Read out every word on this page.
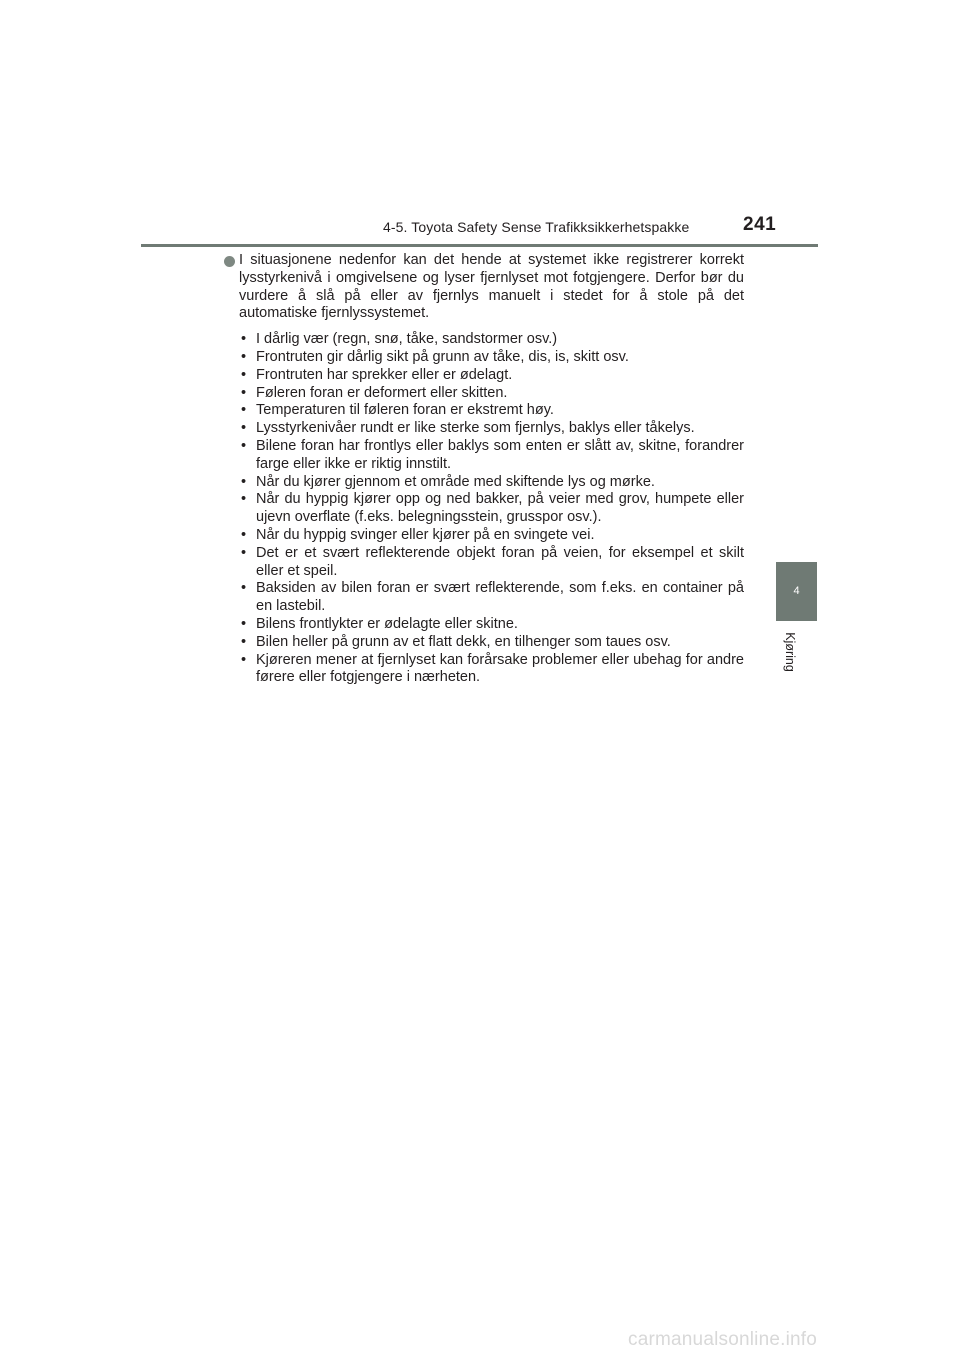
4-5. Toyota Safety Sense Trafikksikkerhetspakke	241
4
Kjøring

I situasjonene nedenfor kan det hende at systemet ikke registrerer korrekt lysstyrkenivå i omgivelsene og lyser fjernlyset mot fotgjengere. Derfor bør du vurdere å slå på eller av fjernlys manuelt i stedet for å stole på det automatiske fjernlyssystemet.

• I dårlig vær (regn, snø, tåke, sandstormer osv.)
• Frontruten gir dårlig sikt på grunn av tåke, dis, is, skitt osv.
• Frontruten har sprekker eller er ødelagt.
• Føleren foran er deformert eller skitten.
• Temperaturen til føleren foran er ekstremt høy.
• Lysstyrkenivåer rundt er like sterke som fjernlys, baklys eller tåkelys.
• Bilene foran har frontlys eller baklys som enten er slått av, skitne, forandrer farge eller ikke er riktig innstilt.
• Når du kjører gjennom et område med skiftende lys og mørke.
• Når du hyppig kjører opp og ned bakker, på veier med grov, humpete eller ujevn overflate (f.eks. belegningsstein, grusspor osv.).
• Når du hyppig svinger eller kjører på en svingete vei.
• Det er et svært reflekterende objekt foran på veien, for eksempel et skilt eller et speil.
• Baksiden av bilen foran er svært reflekterende, som f.eks. en container på en lastebil.
• Bilens frontlykter er ødelagte eller skitne.
• Bilen heller på grunn av et flatt dekk, en tilhenger som taues osv.
• Kjøreren mener at fjernlyset kan forårsake problemer eller ubehag for andre førere eller fotgjengere i nærheten.
carmanualsonline.info
